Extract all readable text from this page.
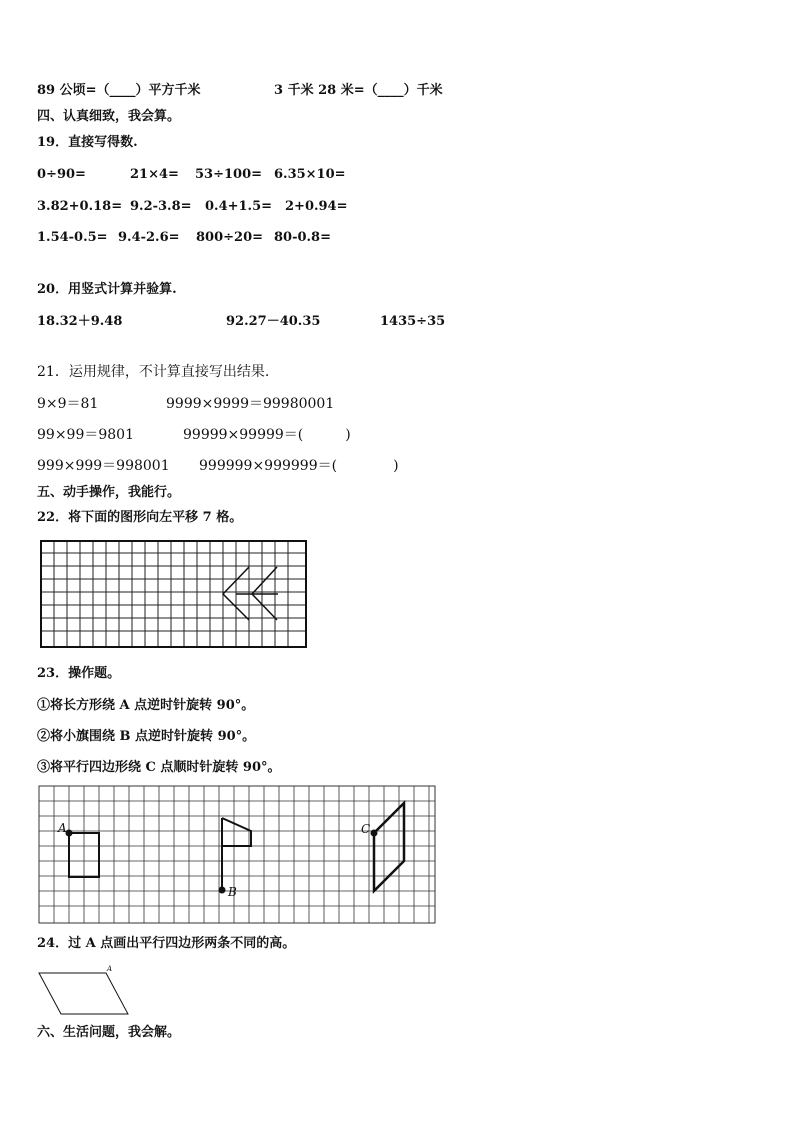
89 公顷=（____）平方千米	3 千米 28 米=（____）千米
四、认真细致，我会算。
19．直接写得数.
0÷90=	21×4= 53÷100= 6.35×10=
3.82+0.18= 9.2-3.8= 0.4+1.5= 2+0.94=
1.54-0.5= 9.4-2.6= 800÷20= 80-0.8=
20．用竖式计算并验算.
18.32＋9.48	92.27－40.35	1435÷35
21．运用规律，不计算直接写出结果.
9×9＝81	9999×9999＝99980001
99×99＝9801	99999×99999＝(　　　)
999×999＝998001 999999×999999＝(　　　　)
五、动手操作，我能行。
22．将下面的图形向左平移 7 格。
23．操作题。
①将长方形绕 A 点逆时针旋转 90°。
②将小旗围绕 B 点逆时针旋转 90°。
③将平行四边形绕 C 点顺时针旋转 90°。
A
B
C
24．过 A 点画出平行四边形两条不同的高。
A
六、生活问题，我会解。
